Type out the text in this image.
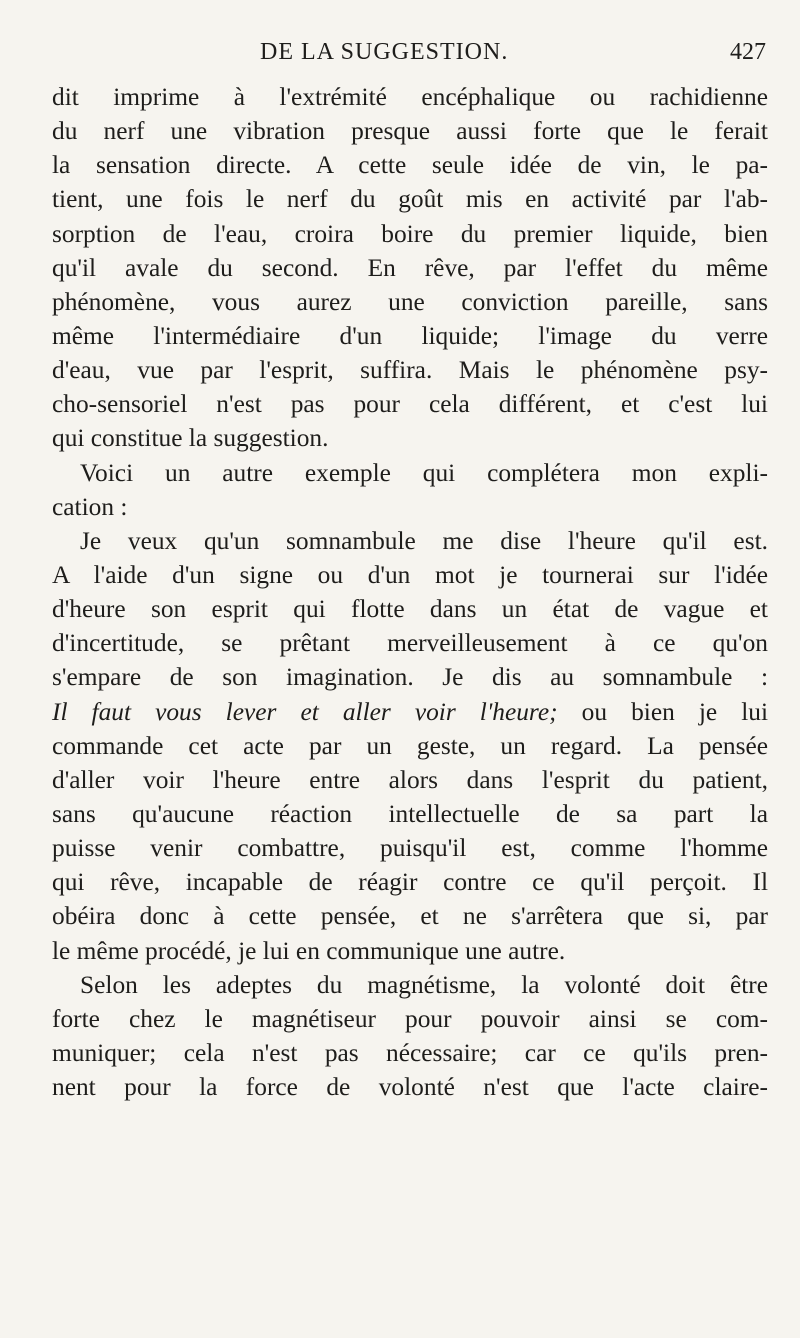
DE LA SUGGESTION.	427
dit imprime à l'extrémité encéphalique ou rachidienne
du nerf une vibration presque aussi forte que le ferait
la sensation directe. A cette seule idée de vin, le pa-
tient, une fois le nerf du goût mis en activité par l'ab-
sorption de l'eau, croira boire du premier liquide, bien
qu'il avale du second. En rêve, par l'effet du même
phénomène, vous aurez une conviction pareille, sans
même l'intermédiaire d'un liquide; l'image du verre
d'eau, vue par l'esprit, suffira. Mais le phénomène psy-
cho-sensoriel n'est pas pour cela différent, et c'est lui
qui constitue la suggestion.
Voici un autre exemple qui complétera mon expli-
cation :
Je veux qu'un somnambule me dise l'heure qu'il est.
A l'aide d'un signe ou d'un mot je tournerai sur l'idée
d'heure son esprit qui flotte dans un état de vague et
d'incertitude, se prêtant merveilleusement à ce qu'on
s'empare de son imagination. Je dis au somnambule :
Il faut vous lever et aller voir l'heure; ou bien je lui
commande cet acte par un geste, un regard. La pensée
d'aller voir l'heure entre alors dans l'esprit du patient,
sans qu'aucune réaction intellectuelle de sa part la
puisse venir combattre, puisqu'il est, comme l'homme
qui rêve, incapable de réagir contre ce qu'il perçoit. Il
obéira donc à cette pensée, et ne s'arrêtera que si, par
le même procédé, je lui en communique une autre.
Selon les adeptes du magnétisme, la volonté doit être
forte chez le magnétiseur pour pouvoir ainsi se com-
muniquer; cela n'est pas nécessaire; car ce qu'ils pren-
nent pour la force de volonté n'est que l'acte claire-
